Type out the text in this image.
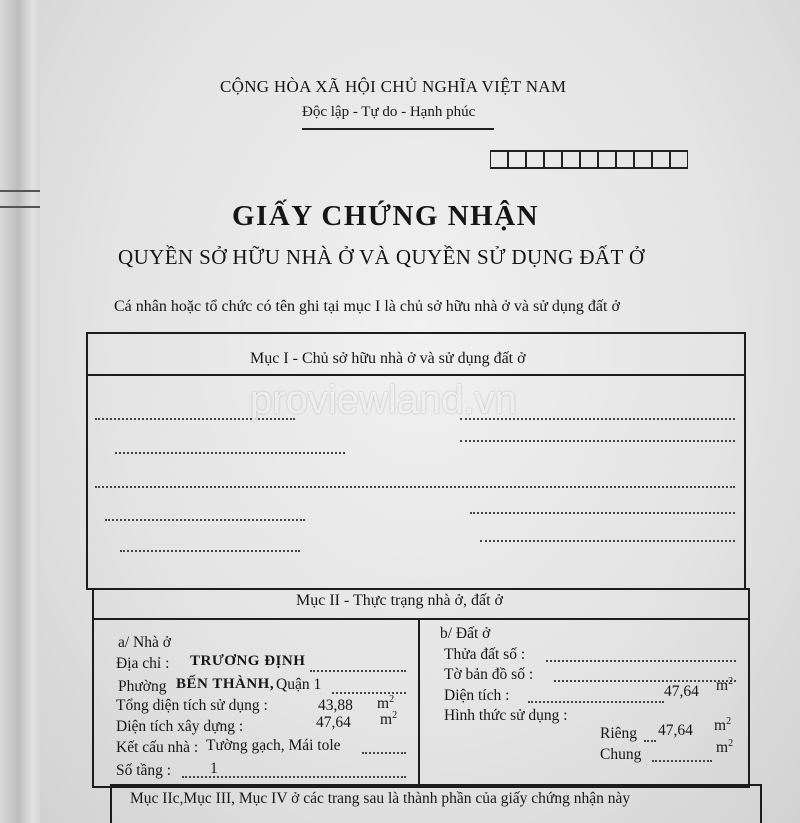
CỘNG HÒA XÃ HỘI CHỦ NGHĨA VIỆT NAM
Độc lập - Tự do - Hạnh phúc
GIẤY CHỨNG NHẬN
QUYỀN SỞ HỮU NHÀ Ở VÀ QUYỀN SỬ DỤNG ĐẤT Ở
Cá nhân hoặc tổ chức có tên ghi tại mục I là chủ sở hữu nhà ở và sử dụng đất ở
Mục I - Chủ sở hữu nhà ở và sử dụng đất ở
proviewland.vn
Mục II - Thực trạng nhà ở, đất ở
a/ Nhà ở
Địa chỉ : TRƯƠNG ĐỊNH
Phường BẾN THÀNH, Quận 1
Tổng diện tích sử dụng :	43,88 $m^2$
Diện tích xây dựng :	47,64 $m^2$
Kết cấu nhà : Tường gạch, Mái tole
Số tầng :	1
b/ Đất ở
Thửa đất số :
Tờ bản đồ số :
Diện tích :	47,64 $m^2$
Hình thức sử dụng :
Riêng 47,64 $m^2$
Chung	$m^2$
Mục IIc,Mục III, Mục IV ở các trang sau là thành phần của giấy chứng nhận này
